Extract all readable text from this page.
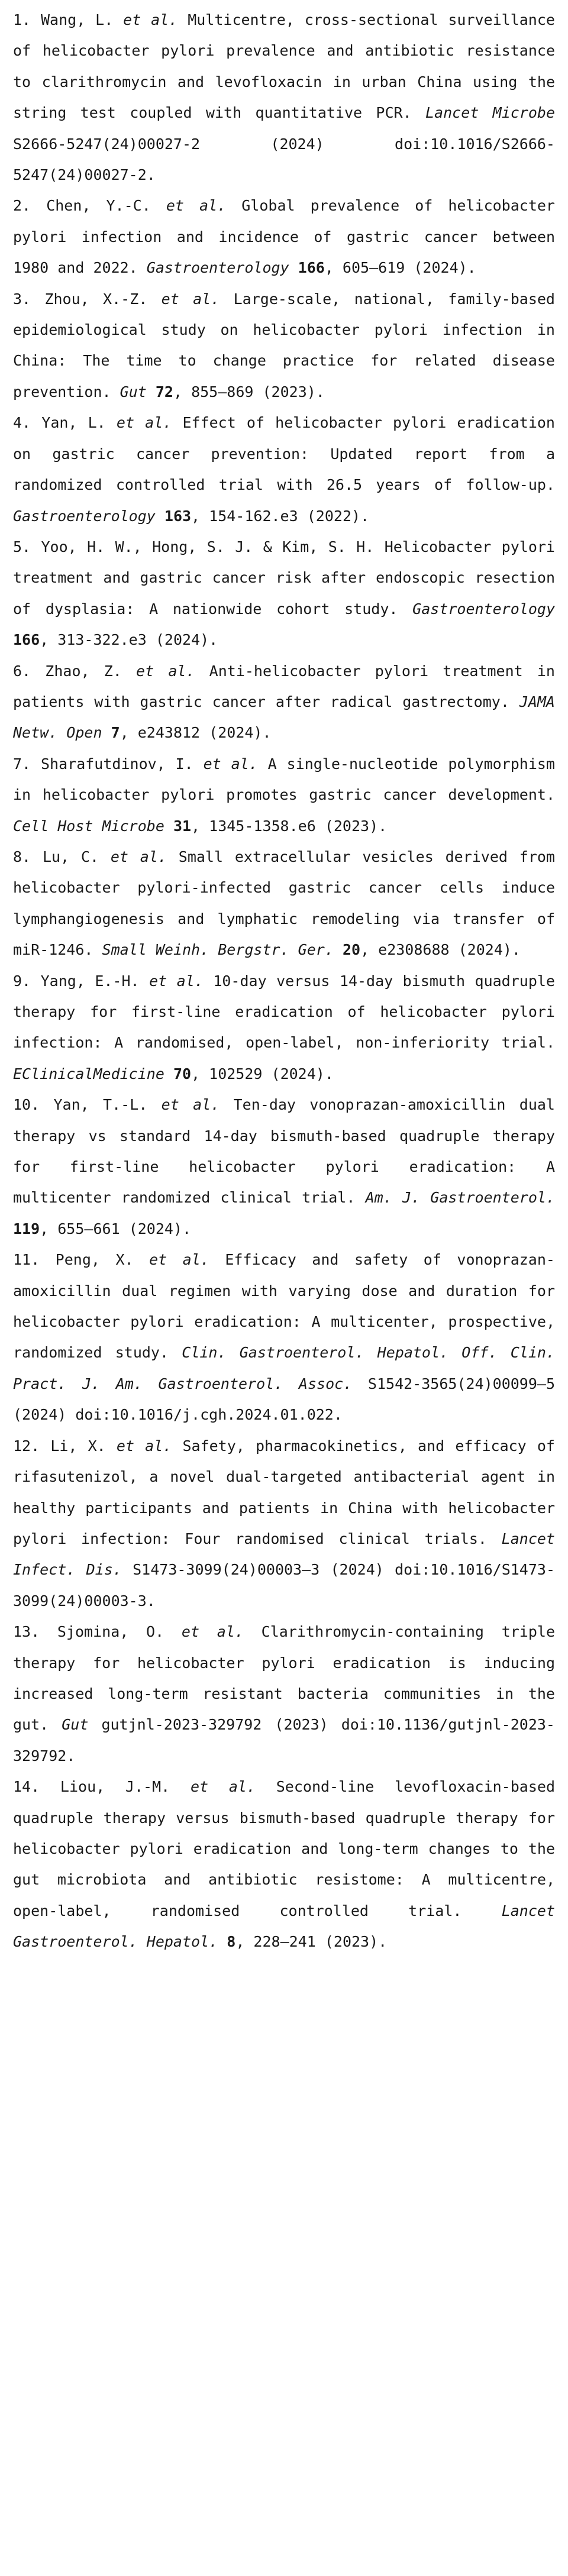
1. Wang, L. et al. Multicentre, cross-sectional surveillance of helicobacter pylori prevalence and antibiotic resistance to clarithromycin and levofloxacin in urban China using the string test coupled with quantitative PCR. Lancet Microbe S2666-5247(24)00027-2	(2024)	doi:10.1016/S2666-5247(24)00027-2.

2. Chen, Y.-C. et al. Global prevalence of helicobacter pylori infection and incidence of gastric cancer between 1980 and 2022. Gastroenterology 166, 605–619 (2024).

3. Zhou, X.-Z. et al. Large-scale, national, family-based epidemiological study on helicobacter pylori infection in China: The time to change practice for related disease prevention. Gut 72, 855–869 (2023).

4. Yan, L. et al. Effect of helicobacter pylori eradication on gastric cancer prevention: Updated report from a randomized controlled trial with 26.5 years of follow-up. Gastroenterology 163, 154-162.e3 (2022).

5. Yoo, H. W., Hong, S. J. & Kim, S. H. Helicobacter pylori treatment and gastric cancer risk after endoscopic resection of dysplasia: A nationwide cohort study. Gastroenterology 166, 313-322.e3 (2024).

6. Zhao, Z. et al. Anti-helicobacter pylori treatment in patients with gastric cancer after radical gastrectomy. JAMA Netw. Open 7, e243812 (2024).

7. Sharafutdinov, I. et al. A single-nucleotide polymorphism in helicobacter pylori promotes gastric cancer development. Cell Host Microbe 31, 1345-1358.e6 (2023).

8. Lu, C. et al. Small extracellular vesicles derived from helicobacter pylori-infected gastric cancer cells induce lymphangiogenesis and lymphatic remodeling via transfer of miR-1246. Small Weinh. Bergstr. Ger. 20, e2308688 (2024).

9. Yang, E.-H. et al. 10-day versus 14-day bismuth quadruple therapy for first-line eradication of helicobacter pylori infection: A randomised, open-label, non-inferiority trial. EClinicalMedicine 70, 102529 (2024).

10. Yan, T.-L. et al. Ten-day vonoprazan-amoxicillin dual therapy vs standard 14-day bismuth-based quadruple therapy for first-line helicobacter pylori eradication: A multicenter randomized clinical trial. Am. J. Gastroenterol. 119, 655–661 (2024).

11. Peng, X. et al. Efficacy and safety of vonoprazan-amoxicillin dual regimen with varying dose and duration for helicobacter pylori eradication: A multicenter, prospective, randomized study. Clin. Gastroenterol. Hepatol. Off. Clin. Pract. J. Am. Gastroenterol. Assoc. S1542-3565(24)00099–5 (2024) doi:10.1016/j.cgh.2024.01.022.

12. Li, X. et al. Safety, pharmacokinetics, and efficacy of rifasutenizol, a novel dual-targeted antibacterial agent in healthy participants and patients in China with helicobacter pylori infection: Four randomised clinical trials. Lancet Infect. Dis. S1473-3099(24)00003–3 (2024) doi:10.1016/S1473-3099(24)00003-3.

13. Sjomina, O. et al. Clarithromycin-containing triple therapy for helicobacter pylori eradication is inducing increased long-term resistant bacteria communities in the gut. Gut gutjnl-2023-329792 (2023) doi:10.1136/gutjnl-2023-329792.

14. Liou, J.-M. et al. Second-line levofloxacin-based quadruple therapy versus bismuth-based quadruple therapy for helicobacter pylori eradication and long-term changes to the gut microbiota and antibiotic resistome: A multicentre, open-label, randomised controlled trial.	Lancet Gastroenterol. Hepatol. 8, 228–241 (2023).
